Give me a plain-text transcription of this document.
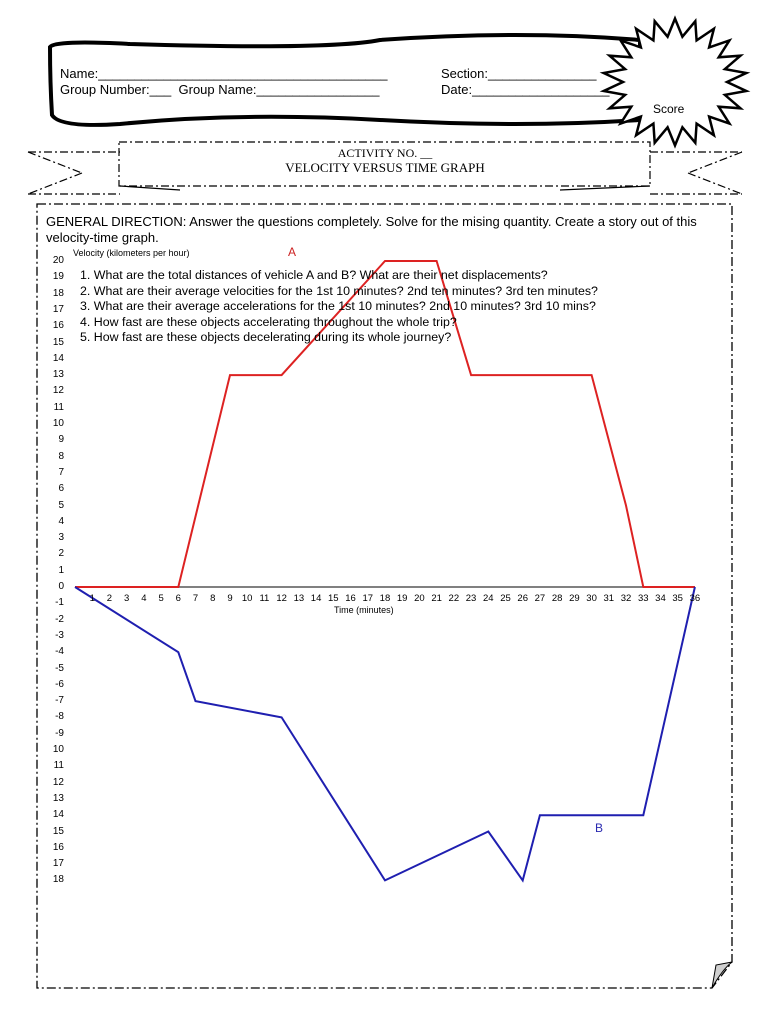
Name:________________________________________
Group Number:___  Group Name:_________________
Section:_______________
Date:___________________
Score
ACTIVITY NO. __
VELOCITY VERSUS TIME GRAPH
GENERAL DIRECTION: Answer the questions completely. Solve for the mising quantity. Create a story out of this velocity-time graph.
Velocity (kilometers per hour)
Time (minutes)
1. What are the total distances of vehicle A and B? What are their net displacements?
2. What are their average velocities for the 1st 10 minutes? 2nd ten minutes? 3rd ten minutes?
3. What are their average accelerations for the 1st 10 minutes? 2nd 10 minutes? 3rd 10 mins?
4. How fast are these objects accelerating throughout the whole trip?
5. How fast are these objects decelerating during its whole journey?
A
B
20
19
18
17
16
15
14
13
12
11
10
9
8
7
6
5
4
3
2
1
0
-1
-2
-3
-4
-5
-6
-7
-8
-9
10
11
12
13
14
15
16
17
18
1	2	3	4	5	6	7	8	9 10 11 12 13 14 15 16 17 18 19 20 21 22 23 24 25 26 27 28 29 30 31 32 33 34 35 36
